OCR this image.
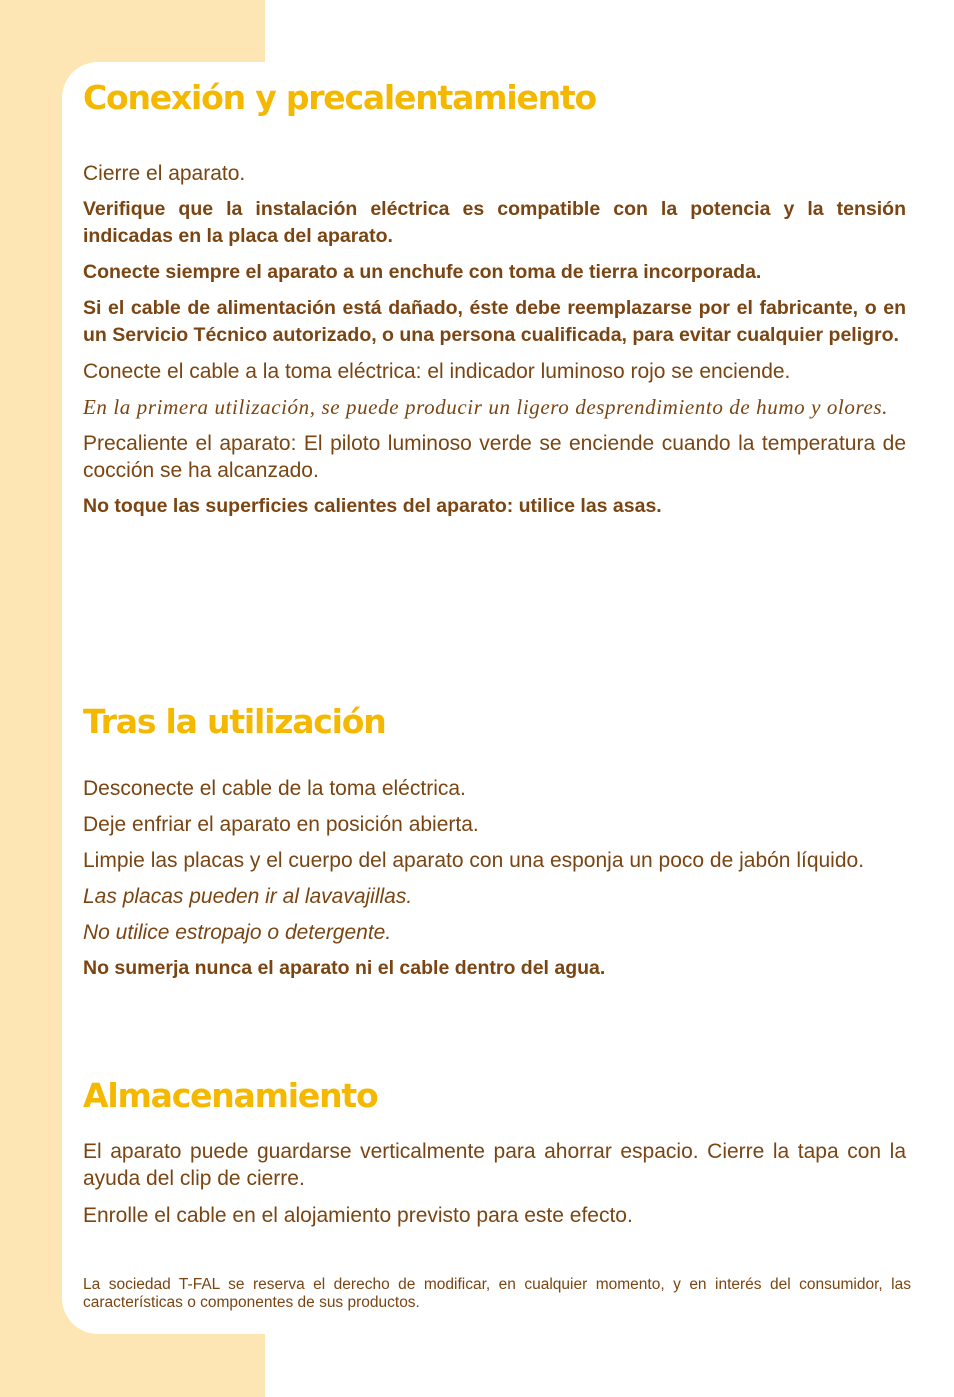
Conexión y precalentamiento

Cierre el aparato.

Verifique que la instalación eléctrica es compatible con la potencia y la tensión indicadas en la placa del aparato.

Conecte siempre el aparato a un enchufe con toma de tierra incorporada.

Si el cable de alimentación está dañado, éste debe reemplazarse por el fabricante, o en un Servicio Técnico autorizado, o una persona cualificada, para evitar cualquier peligro.

Conecte el cable a la toma eléctrica: el indicador luminoso rojo se enciende.

En la primera utilización, se puede producir un ligero desprendimiento de humo y olores.

Precaliente el aparato: El piloto luminoso verde se enciende cuando la temperatura de cocción se ha alcanzado.

No toque las superficies calientes del aparato: utilice las asas.

Tras la utilización

Desconecte el cable de la toma eléctrica.

Deje enfriar el aparato en posición abierta.

Limpie las placas y el cuerpo del aparato con una esponja un poco de jabón líquido.

Las placas pueden ir al lavavajillas.

No utilice estropajo o detergente.

No sumerja nunca el aparato ni el cable dentro del agua.

Almacenamiento

El aparato puede guardarse verticalmente para ahorrar espacio. Cierre la tapa con la ayuda del clip de cierre.

Enrolle el cable en el alojamiento previsto para este efecto.

La sociedad T-FAL se reserva el derecho de modificar, en cualquier momento, y en interés del consumidor, las características o componentes de sus productos.
